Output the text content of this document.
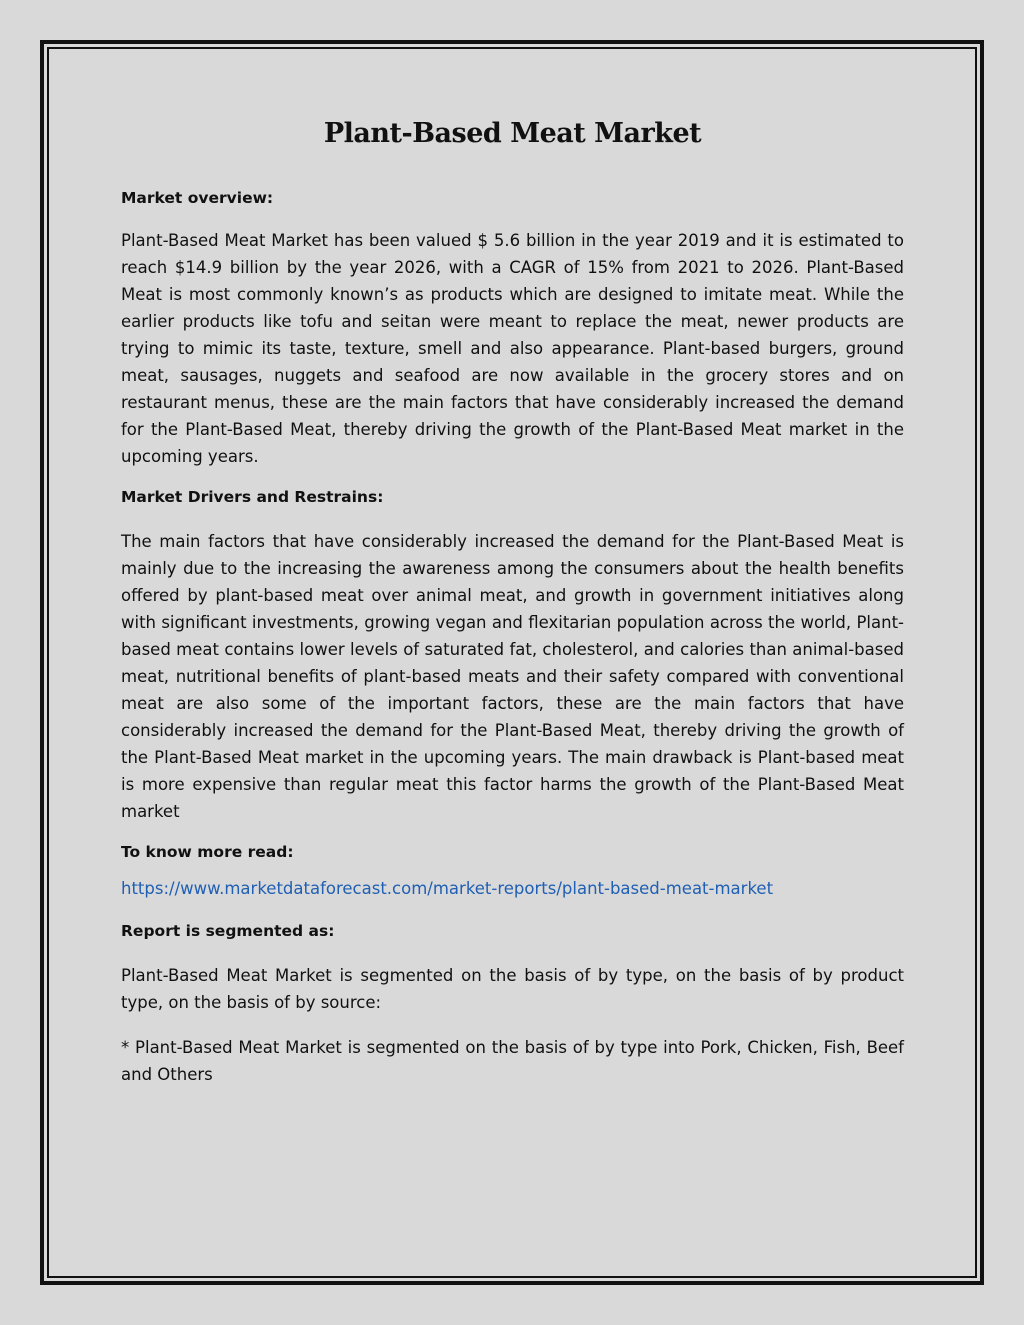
Plant-Based Meat Market
Market overview:

Plant-Based Meat Market has been valued $ 5.6 billion in the year 2019 and it is estimated to reach $14.9 billion by the year 2026, with a CAGR of 15% from 2021 to 2026. Plant-Based Meat is most commonly known’s as products which are designed to imitate meat. While the earlier products like tofu and seitan were meant to replace the meat, newer products are trying to mimic its taste, texture, smell and also appearance. Plant-based burgers, ground meat, sausages, nuggets and seafood are now available in the grocery stores and on restaurant menus, these are the main factors that have considerably increased the demand for the Plant-Based Meat, thereby driving the growth of the Plant-Based Meat market in the upcoming years.

Market Drivers and Restrains:

The main factors that have considerably increased the demand for the Plant-Based Meat is mainly due to the increasing the awareness among the consumers about the health benefits offered by plant-based meat over animal meat, and growth in government initiatives along with significant investments, growing vegan and flexitarian population across the world, Plant-based meat contains lower levels of saturated fat, cholesterol, and calories than animal-based meat, nutritional benefits of plant-based meats and their safety compared with conventional meat are also some of the important factors, these are the main factors that have considerably increased the demand for the Plant-Based Meat, thereby driving the growth of the Plant-Based Meat market in the upcoming years. The main drawback is Plant-based meat is more expensive than regular meat this factor harms the growth of the Plant-Based Meat market

To know more read:
https://www.marketdataforecast.com/market-reports/plant-based-meat-market
Report is segmented as:

Plant-Based Meat Market is segmented on the basis of by type, on the basis of by product type, on the basis of by source:

* Plant-Based Meat Market is segmented on the basis of by type into Pork, Chicken, Fish, Beef and Others
